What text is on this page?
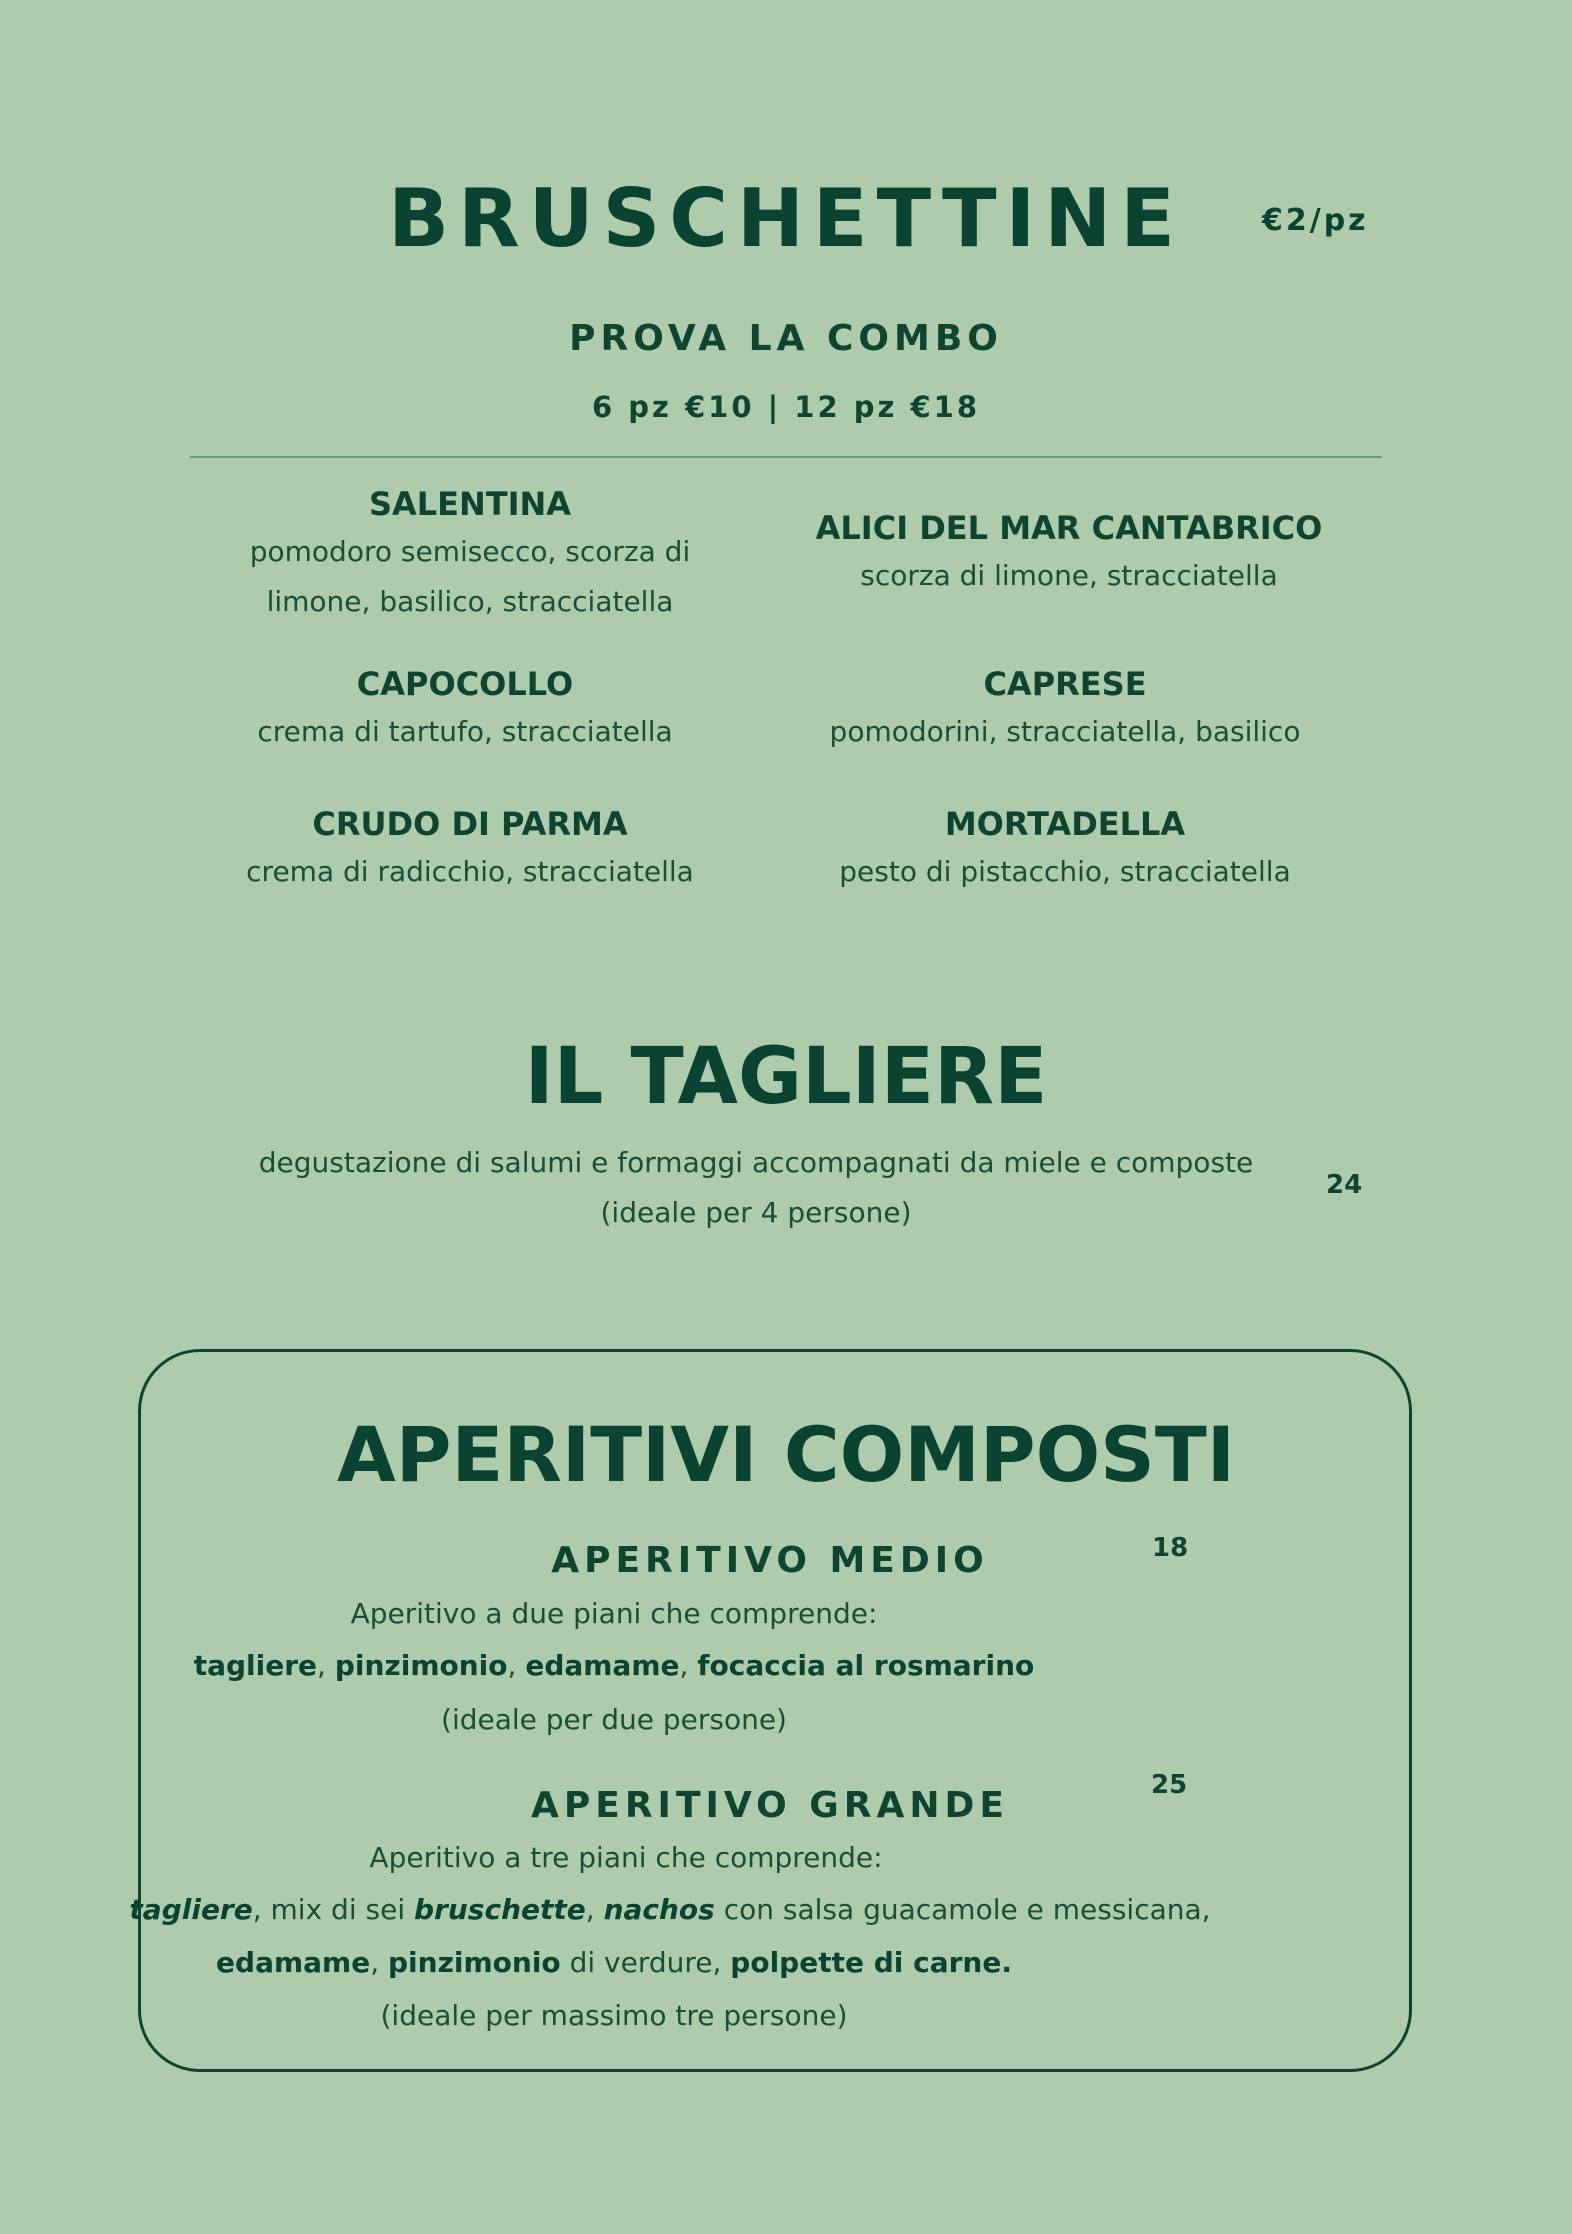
BRUSCHETTINE	€2/pz
PROVA LA COMBO
6 pz €10 | 12 pz €18
SALENTINA
pomodoro semisecco, scorza di
limone, basilico, stracciatella
ALICI DEL MAR CANTABRICO
scorza di limone, stracciatella
CAPOCOLLO
crema di tartufo, stracciatella
CAPRESE
pomodorini, stracciatella, basilico
CRUDO DI PARMA
crema di radicchio, stracciatella
MORTADELLA
pesto di pistacchio, stracciatella
IL TAGLIERE
degustazione di salumi e formaggi accompagnati da miele e composte
(ideale per 4 persone)
24
APERITIVI COMPOSTI
APERITIVO MEDIO	18
Aperitivo a due piani che comprende:
tagliere, pinzimonio, edamame, focaccia al rosmarino
(ideale per due persone)
APERITIVO GRANDE	25
Aperitivo a tre piani che comprende:
tagliere, mix di sei bruschette, nachos con salsa guacamole e messicana,
edamame, pinzimonio di verdure, polpette di carne.
(ideale per massimo tre persone)
